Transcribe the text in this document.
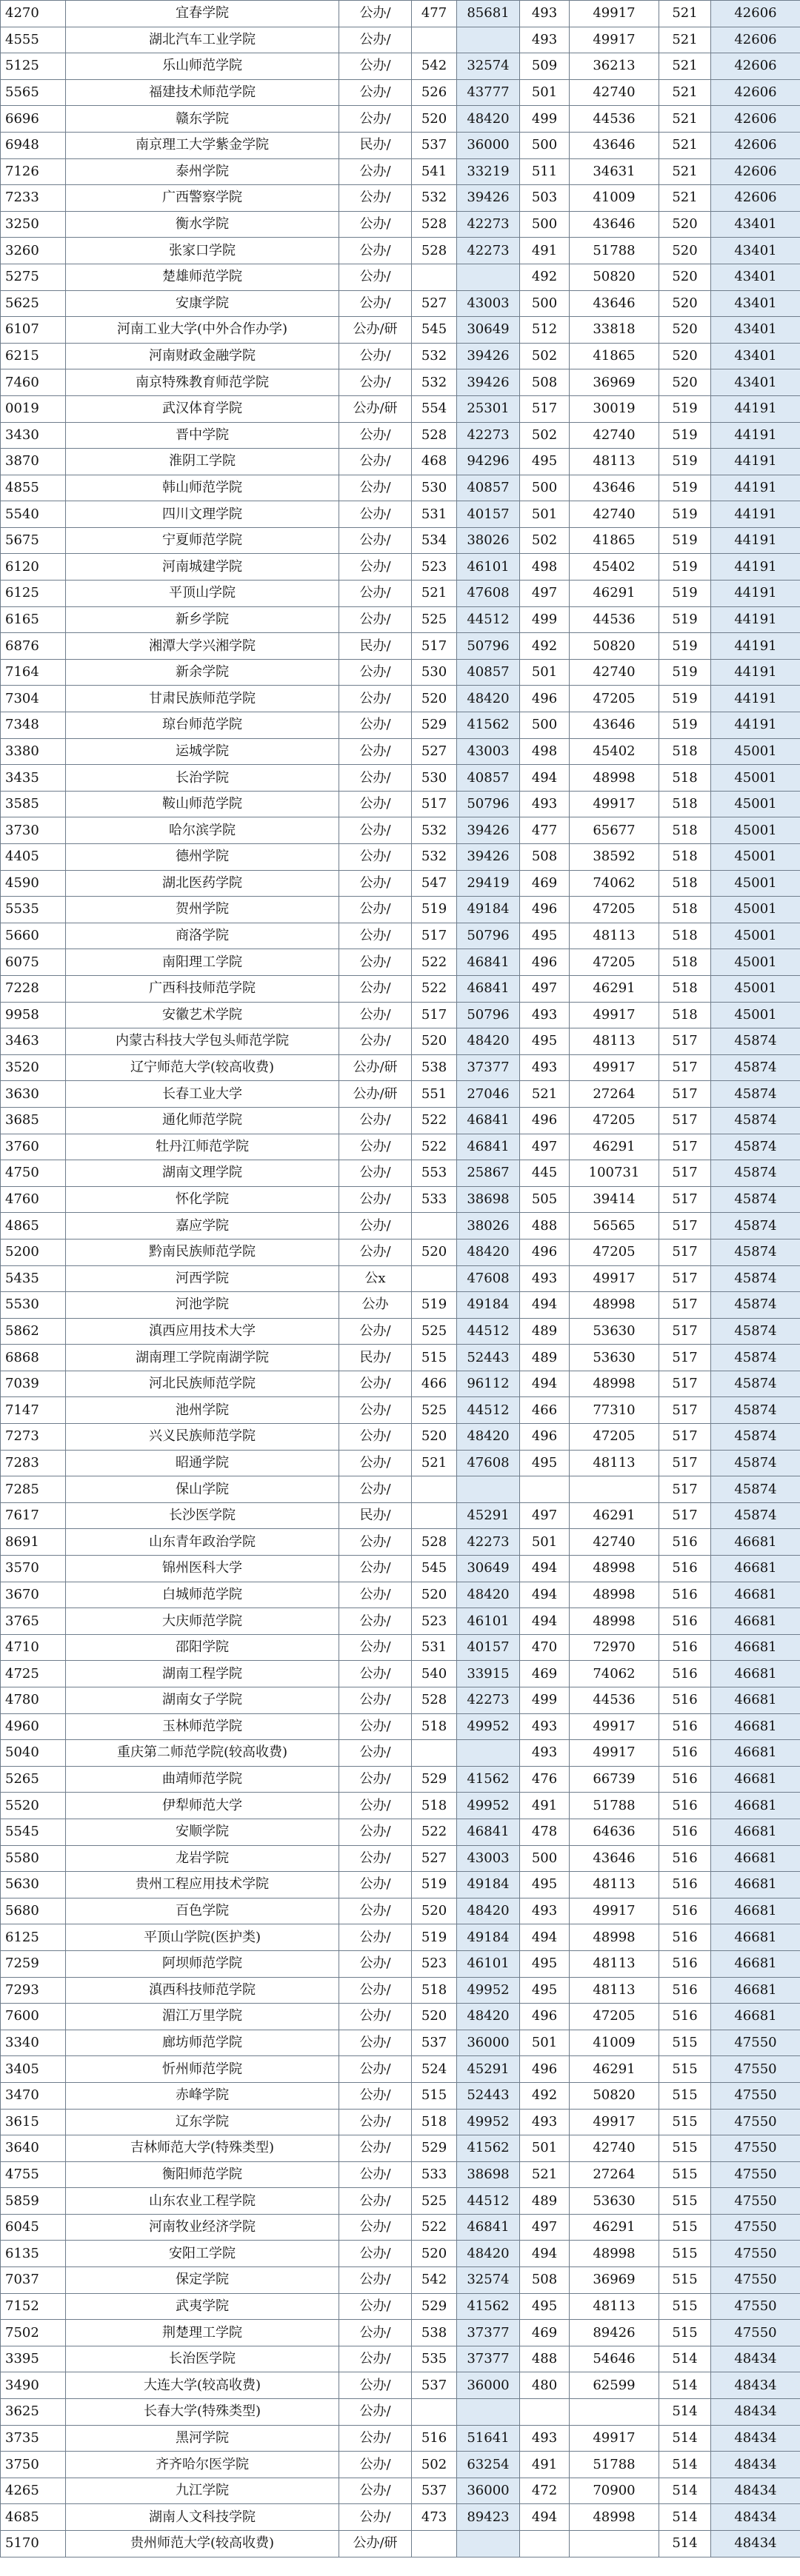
4270	宜春学院	公办/	477	85681	493	49917	521	42606
4555	湖北汽车工业学院	公办/			493	49917	521	42606
5125	乐山师范学院	公办/	542	32574	509	36213	521	42606
5565	福建技术师范学院	公办/	526	43777	501	42740	521	42606
6696	赣东学院	公办/	520	48420	499	44536	521	42606
6948	南京理工大学紫金学院	民办/	537	36000	500	43646	521	42606
7126	泰州学院	公办/	541	33219	511	34631	521	42606
7233	广西警察学院	公办/	532	39426	503	41009	521	42606
3250	衡水学院	公办/	528	42273	500	43646	520	43401
3260	张家口学院	公办/	528	42273	491	51788	520	43401
5275	楚雄师范学院	公办/			492	50820	520	43401
5625	安康学院	公办/	527	43003	500	43646	520	43401
6107	河南工业大学(中外合作办学)	公办/研	545	30649	512	33818	520	43401
6215	河南财政金融学院	公办/	532	39426	502	41865	520	43401
7460	南京特殊教育师范学院	公办/	532	39426	508	36969	520	43401
0019	武汉体育学院	公办/研	554	25301	517	30019	519	44191
3430	晋中学院	公办/	528	42273	502	42740	519	44191
3870	淮阴工学院	公办/	468	94296	495	48113	519	44191
4855	韩山师范学院	公办/	530	40857	500	43646	519	44191
5540	四川文理学院	公办/	531	40157	501	42740	519	44191
5675	宁夏师范学院	公办/	534	38026	502	41865	519	44191
6120	河南城建学院	公办/	523	46101	498	45402	519	44191
6125	平顶山学院	公办/	521	47608	497	46291	519	44191
6165	新乡学院	公办/	525	44512	499	44536	519	44191
6876	湘潭大学兴湘学院	民办/	517	50796	492	50820	519	44191
7164	新余学院	公办/	530	40857	501	42740	519	44191
7304	甘肃民族师范学院	公办/	520	48420	496	47205	519	44191
7348	琼台师范学院	公办/	529	41562	500	43646	519	44191
3380	运城学院	公办/	527	43003	498	45402	518	45001
3435	长治学院	公办/	530	40857	494	48998	518	45001
3585	鞍山师范学院	公办/	517	50796	493	49917	518	45001
3730	哈尔滨学院	公办/	532	39426	477	65677	518	45001
4405	德州学院	公办/	532	39426	508	38592	518	45001
4590	湖北医药学院	公办/	547	29419	469	74062	518	45001
5535	贺州学院	公办/	519	49184	496	47205	518	45001
5660	商洛学院	公办/	517	50796	495	48113	518	45001
6075	南阳理工学院	公办/	522	46841	496	47205	518	45001
7228	广西科技师范学院	公办/	522	46841	497	46291	518	45001
9958	安徽艺术学院	公办/	517	50796	493	49917	518	45001
3463	内蒙古科技大学包头师范学院	公办/	520	48420	495	48113	517	45874
3520	辽宁师范大学(较高收费)	公办/研	538	37377	493	49917	517	45874
3630	长春工业大学	公办/研	551	27046	521	27264	517	45874
3685	通化师范学院	公办/	522	46841	496	47205	517	45874
3760	牡丹江师范学院	公办/	522	46841	497	46291	517	45874
4750	湖南文理学院	公办/	553	25867	445	100731	517	45874
4760	怀化学院	公办/	533	38698	505	39414	517	45874
4865	嘉应学院	公办/		38026	488	56565	517	45874
5200	黔南民族师范学院	公办/	520	48420	496	47205	517	45874
5435	河西学院	公x		47608	493	49917	517	45874
5530	河池学院	公办	519	49184	494	48998	517	45874
5862	滇西应用技术大学	公办/	525	44512	489	53630	517	45874
6868	湖南理工学院南湖学院	民办/	515	52443	489	53630	517	45874
7039	河北民族师范学院	公办/	466	96112	494	48998	517	45874
7147	池州学院	公办/	525	44512	466	77310	517	45874
7273	兴义民族师范学院	公办/	520	48420	496	47205	517	45874
7283	昭通学院	公办/	521	47608	495	48113	517	45874
7285	保山学院	公办/					517	45874
7617	长沙医学院	民办/		45291	497	46291	517	45874
8691	山东青年政治学院	公办/	528	42273	501	42740	516	46681
3570	锦州医科大学	公办/	545	30649	494	48998	516	46681
3670	白城师范学院	公办/	520	48420	494	48998	516	46681
3765	大庆师范学院	公办/	523	46101	494	48998	516	46681
4710	邵阳学院	公办/	531	40157	470	72970	516	46681
4725	湖南工程学院	公办/	540	33915	469	74062	516	46681
4780	湖南女子学院	公办/	528	42273	499	44536	516	46681
4960	玉林师范学院	公办/	518	49952	493	49917	516	46681
5040	重庆第二师范学院(较高收费)	公办/			493	49917	516	46681
5265	曲靖师范学院	公办/	529	41562	476	66739	516	46681
5520	伊犁师范大学	公办/	518	49952	491	51788	516	46681
5545	安顺学院	公办/	522	46841	478	64636	516	46681
5580	龙岩学院	公办/	527	43003	500	43646	516	46681
5630	贵州工程应用技术学院	公办/	519	49184	495	48113	516	46681
5680	百色学院	公办/	520	48420	493	49917	516	46681
6125	平顶山学院(医护类)	公办/	519	49184	494	48998	516	46681
7259	阿坝师范学院	公办/	523	46101	495	48113	516	46681
7293	滇西科技师范学院	公办/	518	49952	495	48113	516	46681
7600	湄江万里学院	公办/	520	48420	496	47205	516	46681
3340	廊坊师范学院	公办/	537	36000	501	41009	515	47550
3405	忻州师范学院	公办/	524	45291	496	46291	515	47550
3470	赤峰学院	公办/	515	52443	492	50820	515	47550
3615	辽东学院	公办/	518	49952	493	49917	515	47550
3640	吉林师范大学(特殊类型)	公办/	529	41562	501	42740	515	47550
4755	衡阳师范学院	公办/	533	38698	521	27264	515	47550
5859	山东农业工程学院	公办/	525	44512	489	53630	515	47550
6045	河南牧业经济学院	公办/	522	46841	497	46291	515	47550
6135	安阳工学院	公办/	520	48420	494	48998	515	47550
7037	保定学院	公办/	542	32574	508	36969	515	47550
7152	武夷学院	公办/	529	41562	495	48113	515	47550
7502	荆楚理工学院	公办/	538	37377	469	89426	515	47550
3395	长治医学院	公办/	535	37377	488	54646	514	48434
3490	大连大学(较高收费)	公办/	537	36000	480	62599	514	48434
3625	长春大学(特殊类型)	公办/					514	48434
3735	黑河学院	公办/	516	51641	493	49917	514	48434
3750	齐齐哈尔医学院	公办/	502	63254	491	51788	514	48434
4265	九江学院	公办/	537	36000	472	70900	514	48434
4685	湖南人文科技学院	公办/	473	89423	494	48998	514	48434
5170	贵州师范大学(较高收费)	公办/研					514	48434
